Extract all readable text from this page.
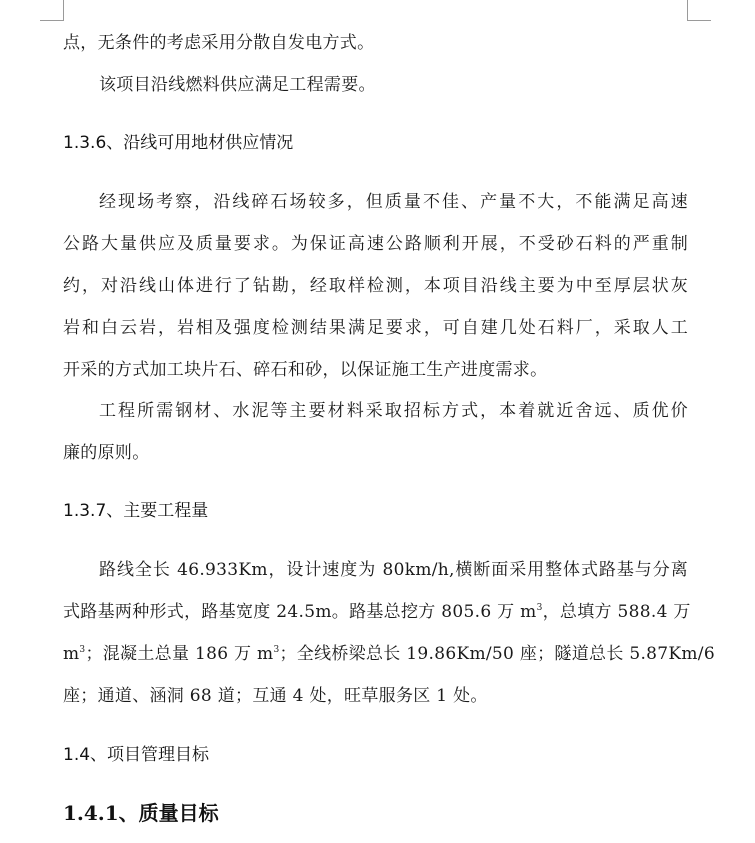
点，无条件的考虑采用分散自发电方式。
该项目沿线燃料供应满足工程需要。
1.3.6、沿线可用地材供应情况
经现场考察，沿线碎石场较多，但质量不佳、产量不大，不能满足高速
公路大量供应及质量要求。为保证高速公路顺利开展，不受砂石料的严重制
约，对沿线山体进行了钻勘，经取样检测，本项目沿线主要为中至厚层状灰
岩和白云岩，岩相及强度检测结果满足要求，可自建几处石料厂，采取人工
开采的方式加工块片石、碎石和砂，以保证施工生产进度需求。
工程所需钢材、水泥等主要材料采取招标方式，本着就近舍远、质优价
廉的原则。
1.3.7、主要工程量
路线全长 46.933Km，设计速度为 80km/h,横断面采用整体式路基与分离
式路基两种形式，路基宽度 24.5m。路基总挖方 805.6 万 $m^3$，总填方 588.4 万
$m^3$；混凝土总量 186 万 $m^3$；全线桥梁总长 19.86Km/50 座；隧道总长 5.87Km/6
座；通道、涵洞 68 道；互通 4 处，旺草服务区 1 处。
1.4、项目管理目标
1.4.1、质量目标
